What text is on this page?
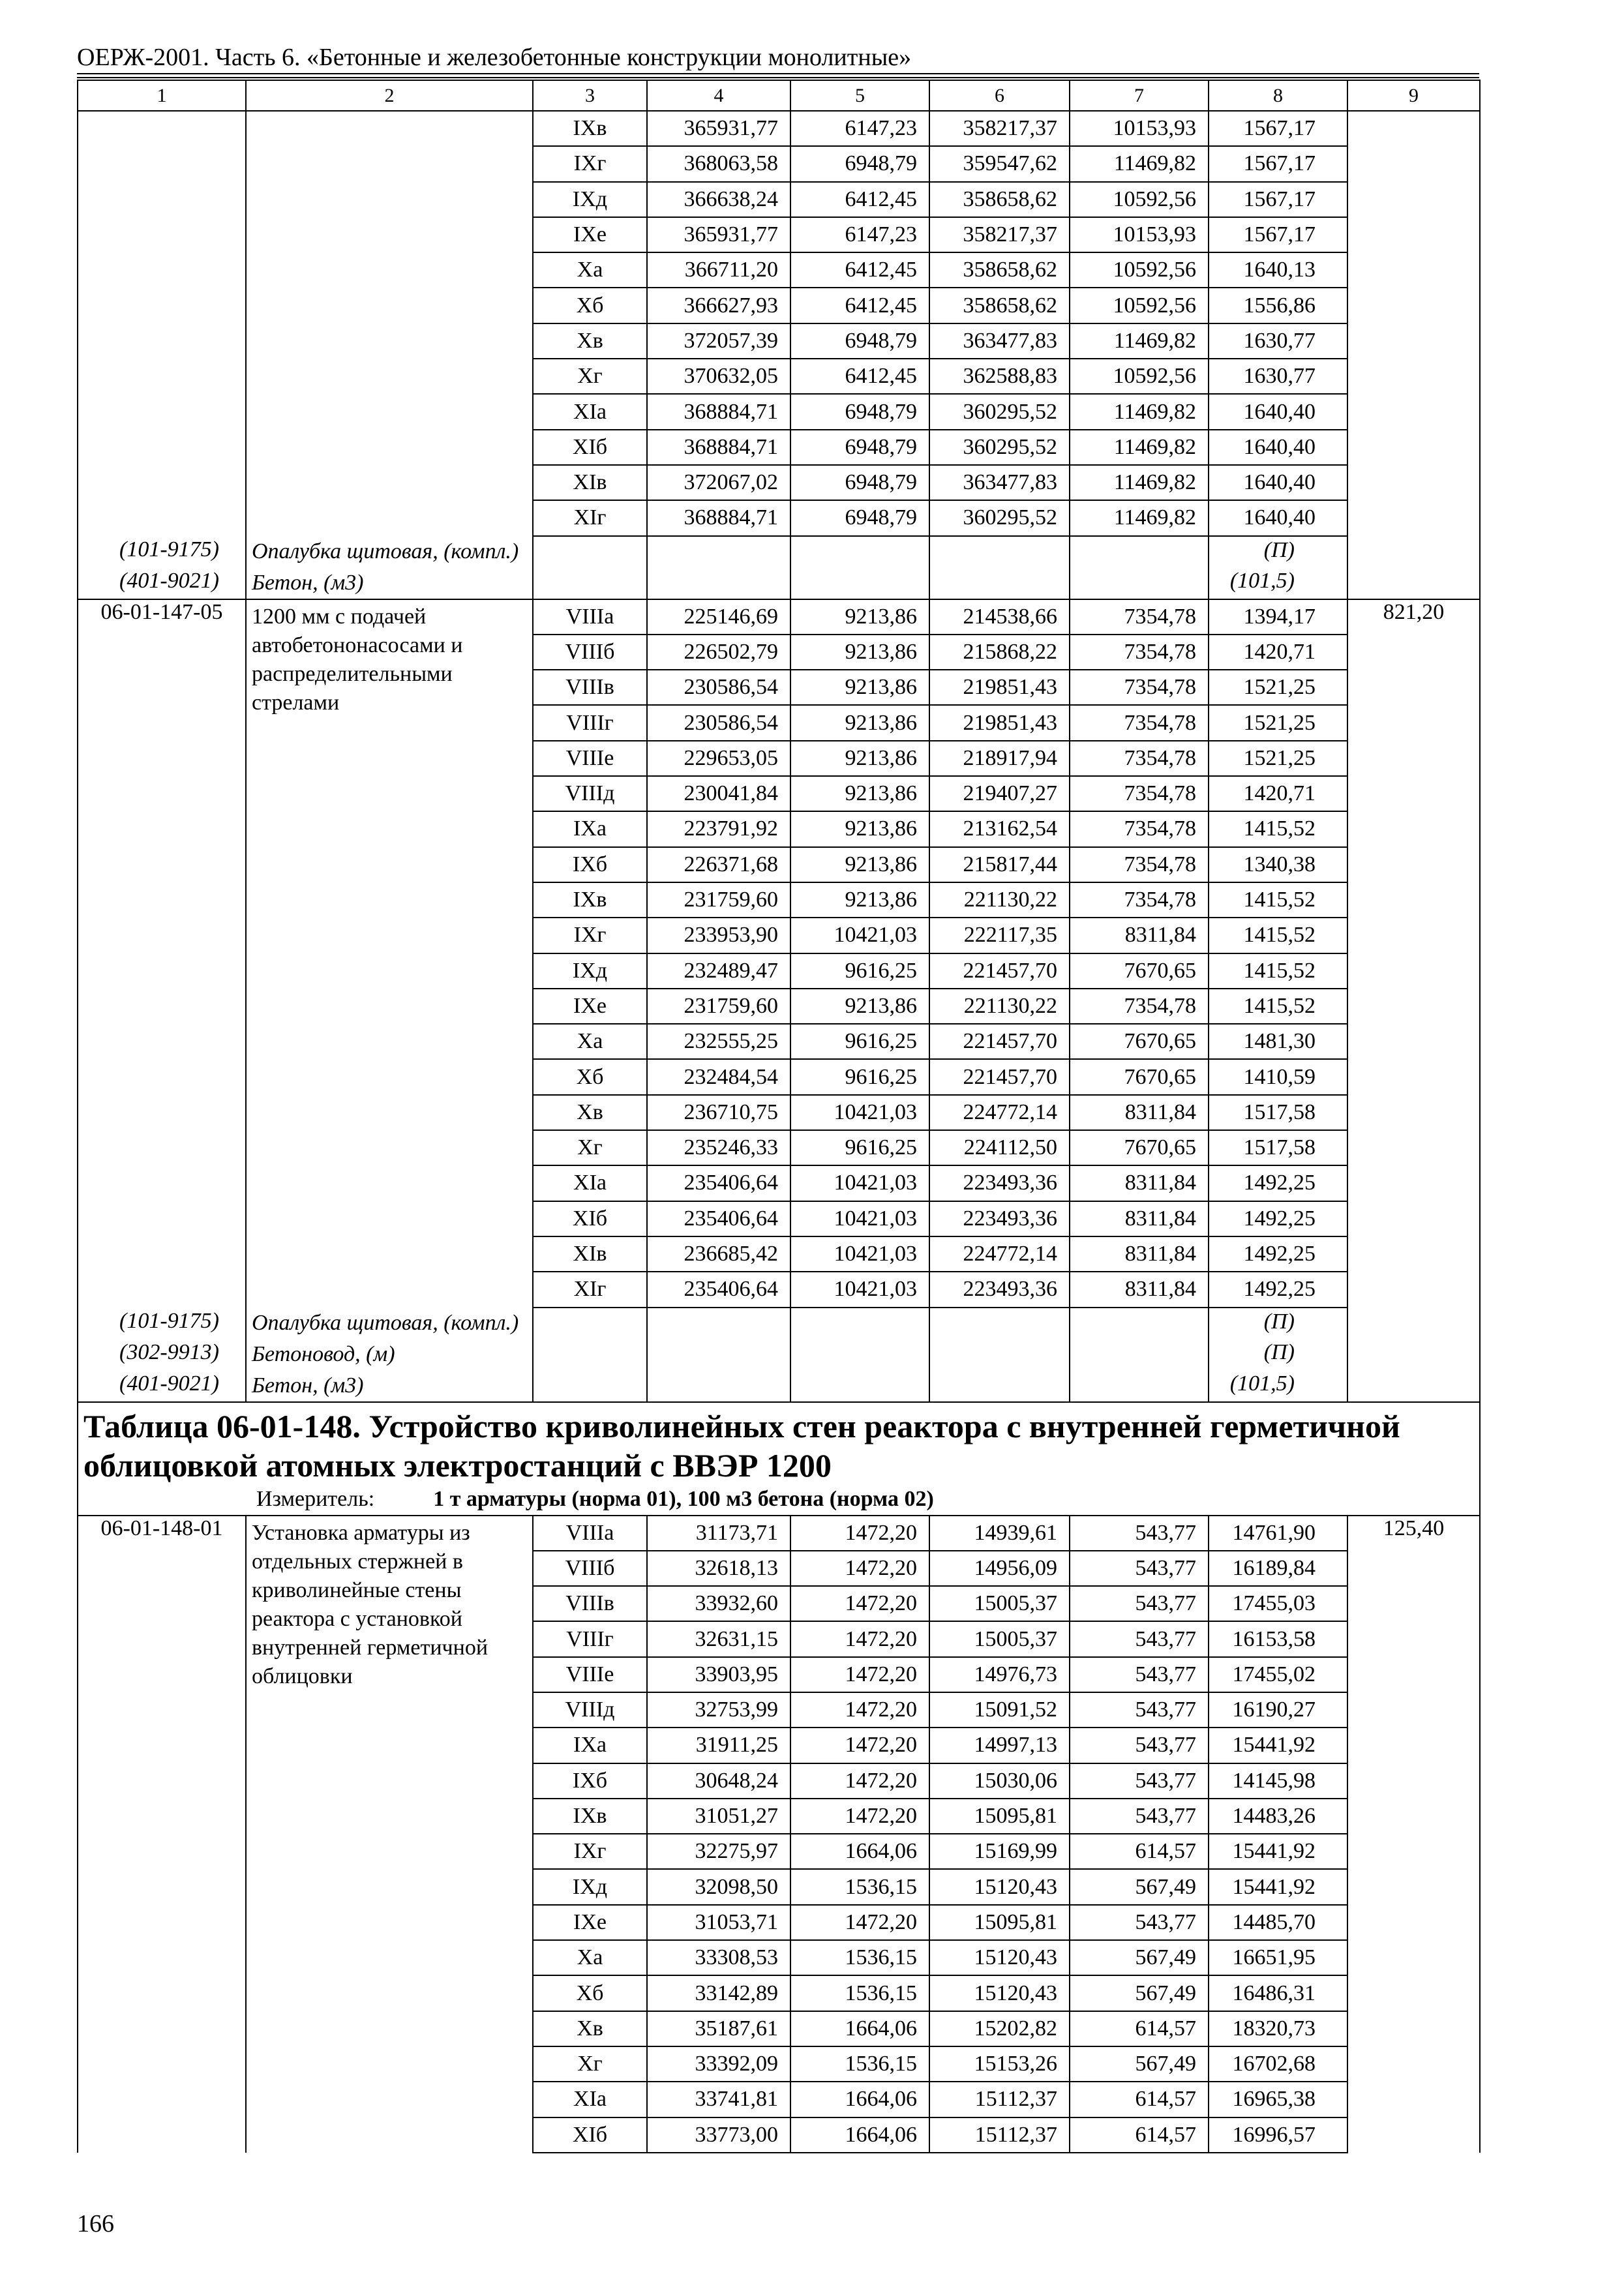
ОЕРЖ-2001. Часть 6. «Бетонные и железобетонные конструкции монолитные»
1	2	3	4	5	6	7	8	9
		IXв	365931,77	6147,23	358217,37	10153,93	1567,17	
		IXг	368063,58	6948,79	359547,62	11469,82	1567,17	
		IXд	366638,24	6412,45	358658,62	10592,56	1567,17	
		IXе	365931,77	6147,23	358217,37	10153,93	1567,17	
		Xа	366711,20	6412,45	358658,62	10592,56	1640,13	
		Xб	366627,93	6412,45	358658,62	10592,56	1556,86	
		Xв	372057,39	6948,79	363477,83	11469,82	1630,77	
		Xг	370632,05	6412,45	362588,83	10592,56	1630,77	
		XIа	368884,71	6948,79	360295,52	11469,82	1640,40	
		XIб	368884,71	6948,79	360295,52	11469,82	1640,40	
		XIв	372067,02	6948,79	363477,83	11469,82	1640,40	
		XIг	368884,71	6948,79	360295,52	11469,82	1640,40	
(101-9175)	Опалубка щитовая, (компл.)						(П)	
(401-9021)	Бетон, (м3)						(101,5)	
06-01-147-05	1200 мм с подачей автобетононасосами и распределительными стрелами	VIIIа	225146,69	9213,86	214538,66	7354,78	1394,17	821,20
		VIIIб	226502,79	9213,86	215868,22	7354,78	1420,71	
		VIIIв	230586,54	9213,86	219851,43	7354,78	1521,25	
		VIIIг	230586,54	9213,86	219851,43	7354,78	1521,25	
		VIIIе	229653,05	9213,86	218917,94	7354,78	1521,25	
		VIIIд	230041,84	9213,86	219407,27	7354,78	1420,71	
		IXа	223791,92	9213,86	213162,54	7354,78	1415,52	
		IXб	226371,68	9213,86	215817,44	7354,78	1340,38	
		IXв	231759,60	9213,86	221130,22	7354,78	1415,52	
		IXг	233953,90	10421,03	222117,35	8311,84	1415,52	
		IXд	232489,47	9616,25	221457,70	7670,65	1415,52	
		IXе	231759,60	9213,86	221130,22	7354,78	1415,52	
		Xа	232555,25	9616,25	221457,70	7670,65	1481,30	
		Xб	232484,54	9616,25	221457,70	7670,65	1410,59	
		Xв	236710,75	10421,03	224772,14	8311,84	1517,58	
		Xг	235246,33	9616,25	224112,50	7670,65	1517,58	
		XIа	235406,64	10421,03	223493,36	8311,84	1492,25	
		XIб	235406,64	10421,03	223493,36	8311,84	1492,25	
		XIв	236685,42	10421,03	224772,14	8311,84	1492,25	
		XIг	235406,64	10421,03	223493,36	8311,84	1492,25	
(101-9175)	Опалубка щитовая, (компл.)						(П)	
(302-9913)	Бетоновод, (м)						(П)	
(401-9021)	Бетон, (м3)						(101,5)	

Таблица 06-01-148. Устройство криволинейных стен реактора с внутренней герметичной облицовкой атомных электростанций с ВВЭР 1200
Измеритель: 1 т арматуры (норма 01), 100 м3 бетона (норма 02)								

06-01-148-01	Установка арматуры из отдельных стержней в криволинейные стены реактора с установкой внутренней герметичной облицовки	VIIIа	31173,71	1472,20	14939,61	543,77	14761,90	125,40
		VIIIб	32618,13	1472,20	14956,09	543,77	16189,84	
		VIIIв	33932,60	1472,20	15005,37	543,77	17455,03	
		VIIIг	32631,15	1472,20	15005,37	543,77	16153,58	
		VIIIе	33903,95	1472,20	14976,73	543,77	17455,02	
		VIIIд	32753,99	1472,20	15091,52	543,77	16190,27	
		IXа	31911,25	1472,20	14997,13	543,77	15441,92	
		IXб	30648,24	1472,20	15030,06	543,77	14145,98	
		IXв	31051,27	1472,20	15095,81	543,77	14483,26	
		IXг	32275,97	1664,06	15169,99	614,57	15441,92	
		IXд	32098,50	1536,15	15120,43	567,49	15441,92	
		IXе	31053,71	1472,20	15095,81	543,77	14485,70	
		Xа	33308,53	1536,15	15120,43	567,49	16651,95	
		Xб	33142,89	1536,15	15120,43	567,49	16486,31	
		Xв	35187,61	1664,06	15202,82	614,57	18320,73	
		Xг	33392,09	1536,15	15153,26	567,49	16702,68	
		XIа	33741,81	1664,06	15112,37	614,57	16965,38	
		XIб	33773,00	1664,06	15112,37	614,57	16996,57	
166
